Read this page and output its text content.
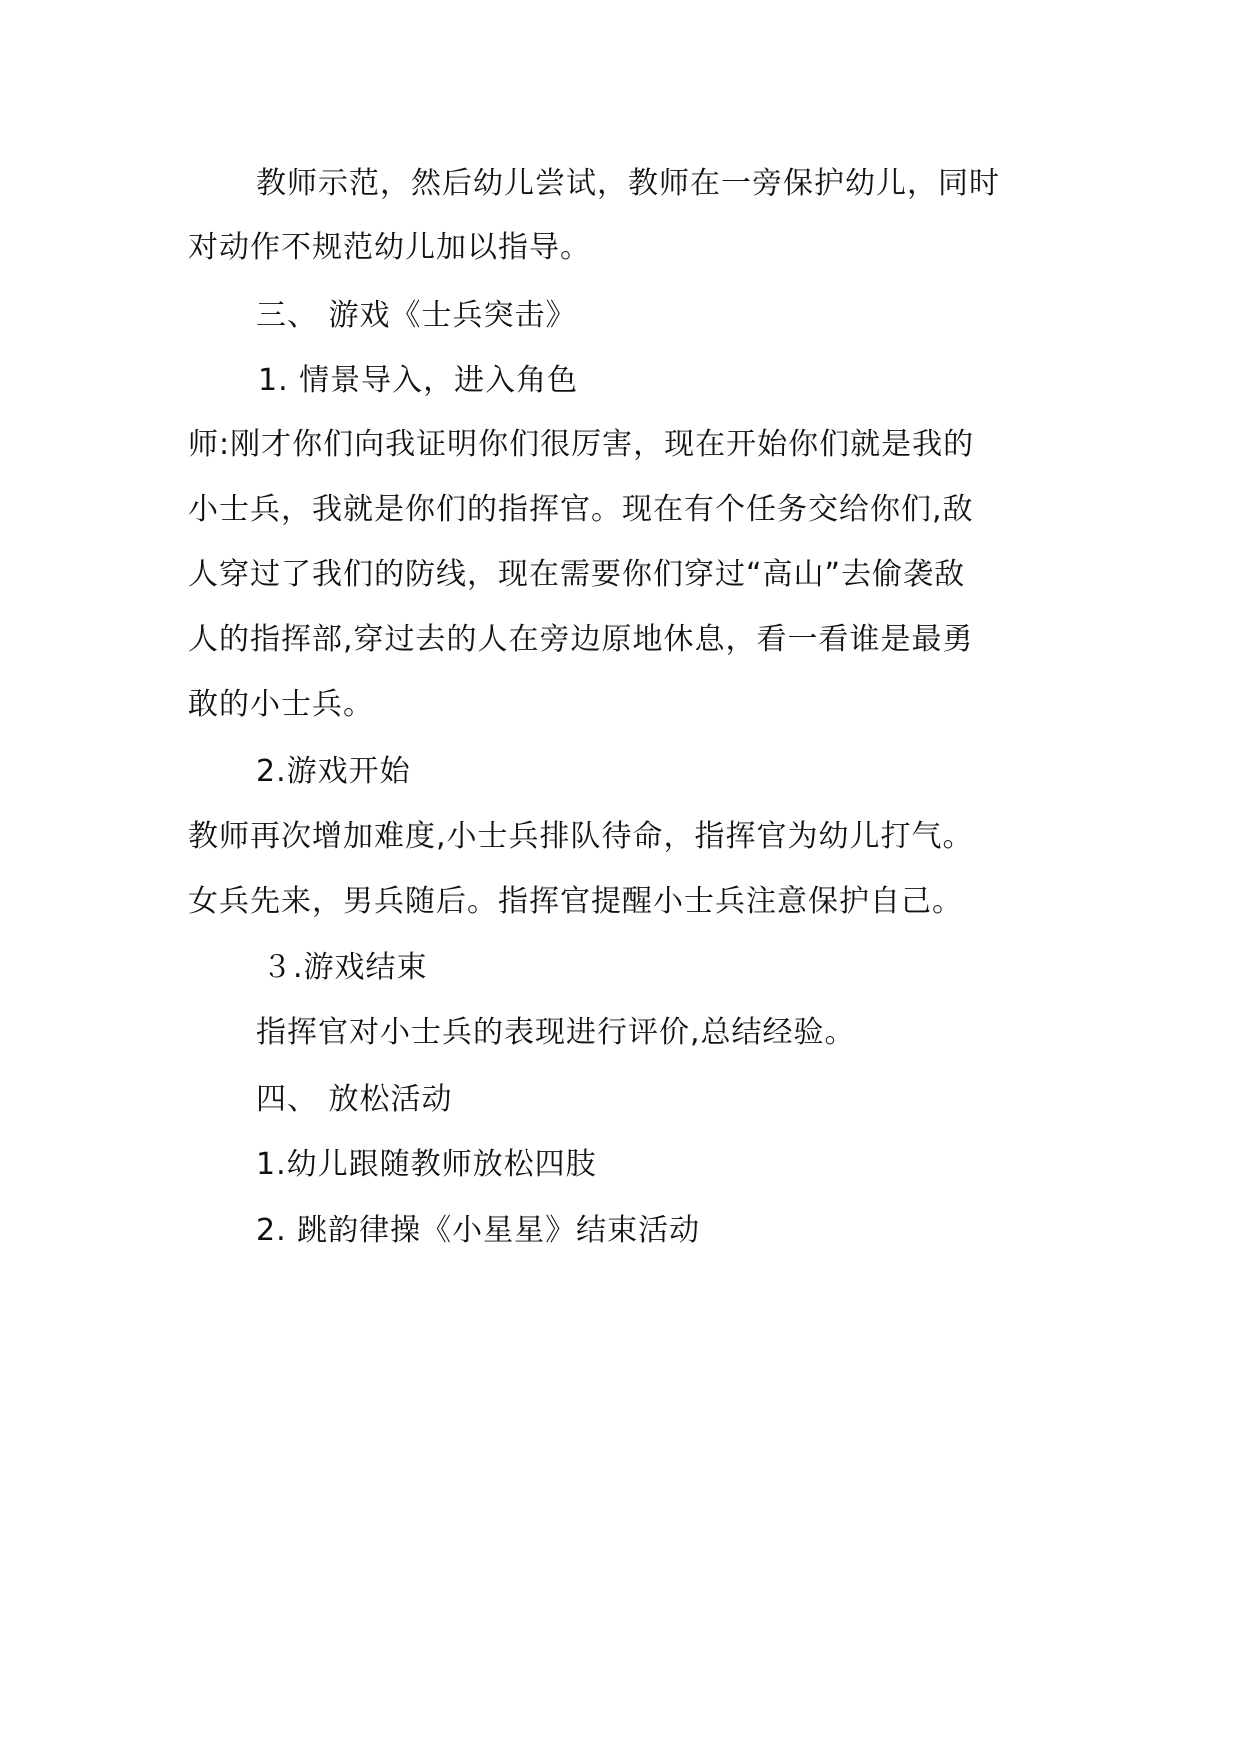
教师示范，然后幼儿尝试，教师在一旁保护幼儿，同时
对动作不规范幼儿加以指导。
三、 游戏《士兵突击》
1. 情景导入，进入角色
师:刚才你们向我证明你们很厉害，现在开始你们就是我的
小士兵，我就是你们的指挥官。现在有个任务交给你们,敌
人穿过了我们的防线，现在需要你们穿过“高山”去偷袭敌
人的指挥部,穿过去的人在旁边原地休息，看一看谁是最勇
敢的小士兵。
2.游戏开始
教师再次增加难度,小士兵排队待命，指挥官为幼儿打气。
女兵先来，男兵随后。指挥官提醒小士兵注意保护自己。
３.游戏结束
指挥官对小士兵的表现进行评价,总结经验。
四、 放松活动
1.幼儿跟随教师放松四肢
2. 跳韵律操《小星星》结束活动
